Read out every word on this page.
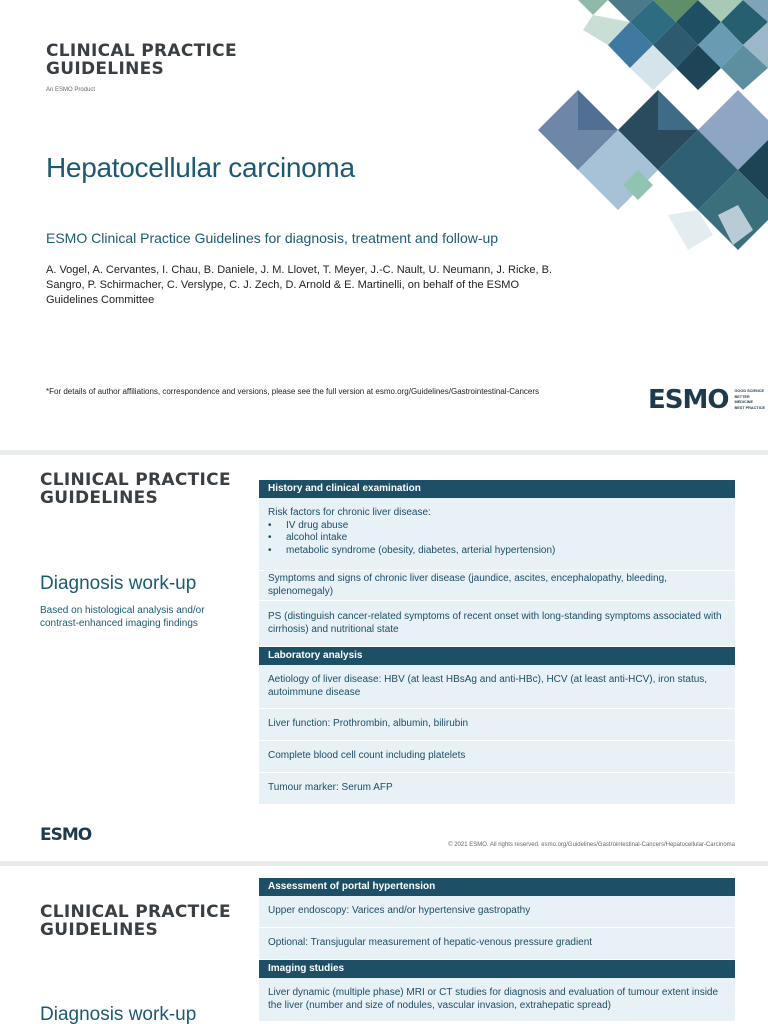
CLINICAL PRACTICE
GUIDELINES
An ESMO Product
Hepatocellular carcinoma
ESMO Clinical Practice Guidelines for diagnosis, treatment and follow-up
A. Vogel, A. Cervantes, I. Chau, B. Daniele, J. M. Llovet, T. Meyer, J.-C. Nault, U. Neumann, J. Ricke, B. Sangro, P. Schirmacher, C. Verslype, C. J. Zech, D. Arnold & E. Martinelli, on behalf of the ESMO Guidelines Committee
*For details of author affiliations, correspondence and versions, please see the full version at esmo.org/Guidelines/Gastrointestinal-Cancers	ESMO GOOD SCIENCE
BETTER MEDICINE
BEST PRACTICE
CLINICAL PRACTICE
GUIDELINES
Diagnosis work-up
Based on histological analysis and/or contrast-enhanced imaging findings
History and clinical examination
Risk factors for chronic liver disease:
• IV drug abuse
• alcohol intake
• metabolic syndrome (obesity, diabetes, arterial hypertension)
Symptoms and signs of chronic liver disease (jaundice, ascites, encephalopathy, bleeding, splenomegaly)
PS (distinguish cancer-related symptoms of recent onset with long-standing symptoms associated with cirrhosis) and nutritional state
Laboratory analysis
Aetiology of liver disease: HBV (at least HBsAg and anti-HBc), HCV (at least anti-HCV), iron status, autoimmune disease
Liver function: Prothrombin, albumin, bilirubin
Complete blood cell count including platelets
Tumour marker: Serum AFP
ESMO	© 2021 ESMO. All rights reserved. esmo.org/Guidelines/Gastrointestinal-Cancers/Hepatocellular-Carcinoma
CLINICAL PRACTICE
GUIDELINES
Diagnosis work-up
Assessment of portal hypertension
Upper endoscopy: Varices and/or hypertensive gastropathy
Optional: Transjugular measurement of hepatic-venous pressure gradient
Imaging studies
Liver dynamic (multiple phase) MRI or CT studies for diagnosis and evaluation of tumour extent inside the liver (number and size of nodules, vascular invasion, extrahepatic spread)
